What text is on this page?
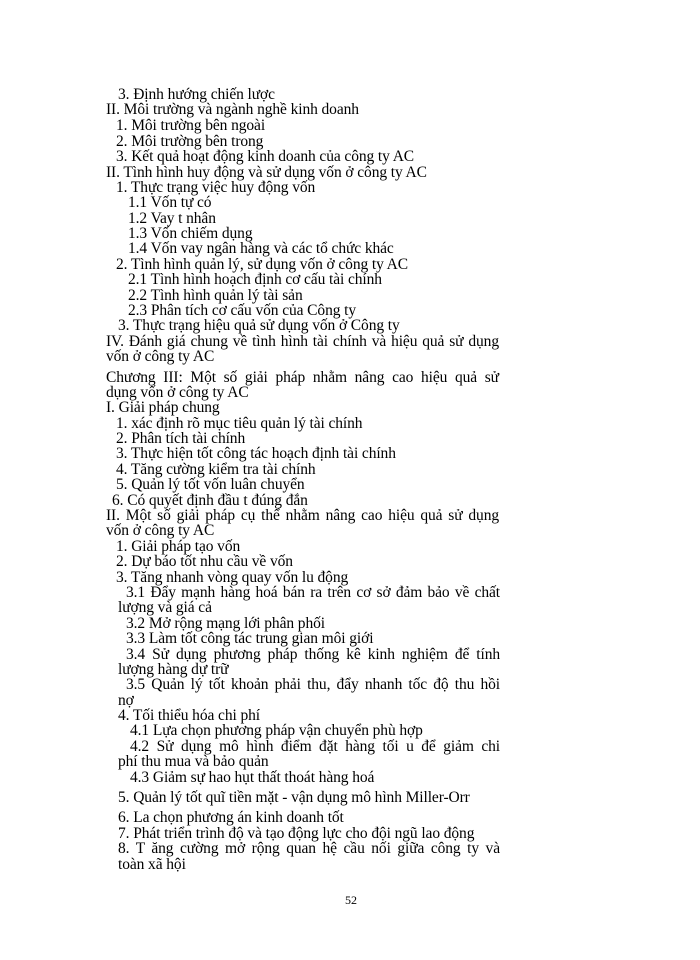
3. Định hướng chiến lược
II. Môi trường và ngành nghề kinh doanh
1. Môi trường bên ngoài
2. Môi trường bên trong
3. Kết quả hoạt động kinh doanh của công ty AC
II. Tình hình huy động và sử dụng vốn ở công ty AC
1. Thực trạng việc huy động vốn
1.1 Vốn tự có
1.2 Vay t nhân
1.3 Vốn chiếm dụng
1.4 Vốn vay ngân hàng và các tổ chức khác
2. Tình hình quản lý, sử dụng vốn ở công ty AC
2.1 Tình hình hoạch định cơ cấu tài chính
2.2 Tình hình quản lý tài sản
2.3 Phân tích cơ cấu vốn của Công ty
3. Thực trạng hiệu quả sử dụng vốn ở Công ty
IV. Đánh giá chung về tình hình tài chính và hiệu quả sử dụng
vốn ở công ty AC
Chương III: Một số giải pháp nhằm nâng cao hiệu quả sử
dụng vốn ở công ty AC
I. Giải pháp chung
1. xác định rõ mục tiêu quản lý tài chính
2. Phân tích tài chính
3. Thực hiện tốt công tác hoạch định tài chính
4. Tăng cường kiểm tra tài chính
5. Quản lý tốt vốn luân chuyển
6. Có quyết định đầu t đúng đắn
II. Một số giải pháp cụ thể nhằm nâng cao hiệu quả sử dụng
vốn ở công ty AC
1. Giải pháp tạo vốn
2. Dự báo tốt nhu cầu về vốn
3. Tăng nhanh vòng quay vốn lu động
3.1 Đẩy mạnh hàng hoá bán ra trên cơ sở đảm bảo về chất
lượng và giá cả
3.2 Mở rộng mạng lới phân phối
3.3 Làm tốt công tác trung gian môi giới
3.4 Sử dụng phương pháp thống kê kinh nghiệm để tính
lượng hàng dự trữ
3.5 Quản lý tốt khoản phải thu, đẩy nhanh tốc độ thu hồi
nợ
4. Tối thiểu hóa chi phí
4.1 Lựa chọn phương pháp vận chuyển phù hợp
4.2 Sử dụng mô hình điểm đặt hàng tối u để giảm chi
phí thu mua và bảo quản
4.3 Giảm sự hao hụt thất thoát hàng hoá
5. Quản lý tốt quĩ tiền mặt - vận dụng mô hình Miller-Orr
6. La chọn phương án kinh doanh tốt
7. Phát triển trình độ và tạo động lực cho đội ngũ lao động
8. T ăng cường mở rộng quan hệ cầu nối giữa công ty và
toàn xã hội
52
